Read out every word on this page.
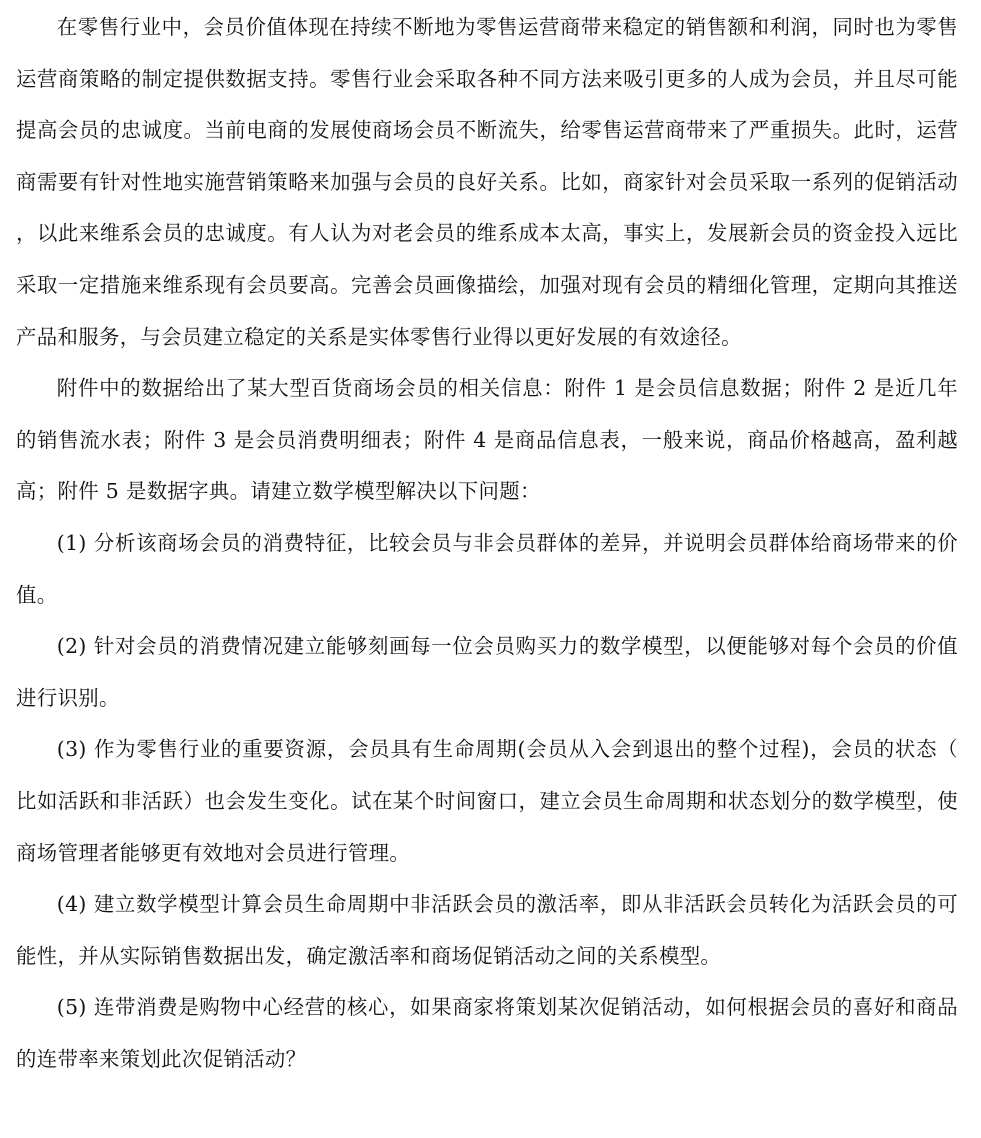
在零售行业中，会员价值体现在持续不断地为零售运营商带来稳定的销售额和利润，同时也为零售运营商策略的制定提供数据支持。零售行业会采取各种不同方法来吸引更多的人成为会员，并且尽可能提高会员的忠诚度。当前电商的发展使商场会员不断流失，给零售运营商带来了严重损失。此时，运营商需要有针对性地实施营销策略来加强与会员的良好关系。比如，商家针对会员采取一系列的促销活动，以此来维系会员的忠诚度。有人认为对老会员的维系成本太高，事实上，发展新会员的资金投入远比采取一定措施来维系现有会员要高。完善会员画像描绘，加强对现有会员的精细化管理，定期向其推送产品和服务，与会员建立稳定的关系是实体零售行业得以更好发展的有效途径。

附件中的数据给出了某大型百货商场会员的相关信息：附件 1 是会员信息数据；附件 2 是近几年的销售流水表；附件 3 是会员消费明细表；附件 4 是商品信息表，一般来说，商品价格越高，盈利越高；附件 5 是数据字典。请建立数学模型解决以下问题：

(1) 分析该商场会员的消费特征，比较会员与非会员群体的差异，并说明会员群体给商场带来的价值。

(2) 针对会员的消费情况建立能够刻画每一位会员购买力的数学模型，以便能够对每个会员的价值进行识别。

(3) 作为零售行业的重要资源，会员具有生命周期(会员从入会到退出的整个过程)，会员的状态（比如活跃和非活跃）也会发生变化。试在某个时间窗口，建立会员生命周期和状态划分的数学模型，使商场管理者能够更有效地对会员进行管理。

(4) 建立数学模型计算会员生命周期中非活跃会员的激活率，即从非活跃会员转化为活跃会员的可能性，并从实际销售数据出发，确定激活率和商场促销活动之间的关系模型。

(5) 连带消费是购物中心经营的核心，如果商家将策划某次促销活动，如何根据会员的喜好和商品的连带率来策划此次促销活动？
